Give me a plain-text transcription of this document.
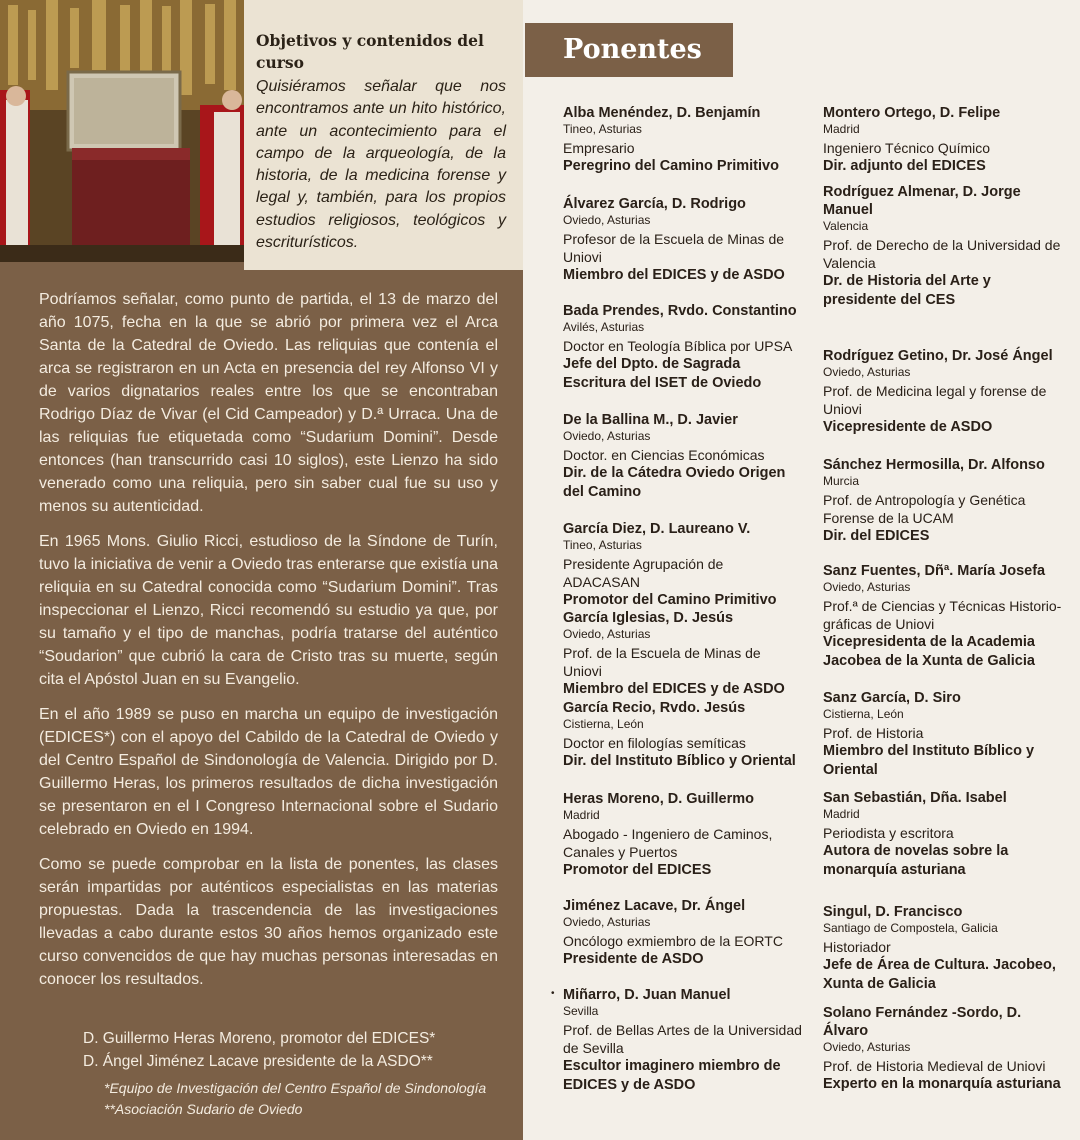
Objetivos y contenidos del curso

Quisiéramos señalar que nos encontramos ante un hito histórico, ante un acontecimiento para el campo de la arqueología, de la historia, de la medicina forense y legal y, también, para los propios estudios religiosos, teológicos y escriturísticos.

Podríamos señalar, como punto de partida, el 13 de marzo del año 1075, fecha en la que se abrió por primera vez el Arca Santa de la Catedral de Oviedo. Las reliquias que contenía el arca se registraron en un Acta en presencia del rey Alfonso VI y de varios dignatarios reales entre los que se encontraban Rodrigo Díaz de Vivar (el Cid Campeador) y D.ª Urraca. Una de las reliquias fue etiquetada como “Sudarium Domini”. Desde entonces (han transcurrido casi 10 siglos), este Lienzo ha sido venerado como una reliquia, pero sin saber cual fue su uso y menos su autenticidad.

En 1965 Mons. Giulio Ricci, estudioso de la Síndone de Turín, tuvo la iniciativa de venir a Oviedo tras enterarse que existía una reliquia en su Catedral conocida como “Sudarium Domini”. Tras inspeccionar el Lienzo, Ricci recomendó su estudio ya que, por su tamaño y el tipo de manchas, podría tratarse del auténtico “Soudarion” que cubrió la cara de Cristo tras su muerte, según cita el Apóstol Juan en su Evangelio.

En el año 1989 se puso en marcha un equipo de investigación (EDICES*) con el apoyo del Cabildo de la Catedral de Oviedo y del Centro Español de Sindonología de Valencia. Dirigido por D. Guillermo Heras, los primeros resultados de dicha investigación se presentaron en el I Congreso Internacional sobre el Sudario celebrado en Oviedo en 1994.

Como se puede comprobar en la lista de ponentes, las clases serán impartidas por auténticos especialistas en las materias propuestas. Dada la trascendencia de las investigaciones llevadas a cabo durante estos 30 años hemos organizado este curso convencidos de que hay muchas personas interesadas en conocer los resultados.

D. Guillermo Heras Moreno, promotor del EDICES*
D. Ángel Jiménez Lacave presidente de la ASDO**
*Equipo de Investigación del Centro Español de Sindonología
**Asociación Sudario de Oviedo
Ponentes
Alba Menéndez, D. Benjamín
Tineo, Asturias
Empresario
Peregrino del Camino Primitivo
Álvarez García, D. Rodrigo
Oviedo, Asturias
Profesor de la Escuela de Minas de Uniovi
Miembro del EDICES y de ASDO
Bada Prendes, Rvdo. Constantino
Avilés, Asturias
Doctor en Teología Bíblica por UPSA
Jefe del Dpto. de Sagrada Escritura del ISET de Oviedo
De la Ballina M., D. Javier
Oviedo, Asturias
Doctor. en Ciencias Económicas
Dir. de la Cátedra Oviedo Origen del Camino
García Diez, D. Laureano V.
Tineo, Asturias
Presidente Agrupación de ADACASAN
Promotor del Camino Primitivo
García Iglesias, D. Jesús
Oviedo, Asturias
Prof. de la Escuela de Minas de Uniovi
Miembro del EDICES y de ASDO
García Recio, Rvdo. Jesús
Cistierna, León
Doctor en filologías semíticas
Dir. del Instituto Bíblico y Oriental
Heras Moreno, D. Guillermo
Madrid
Abogado - Ingeniero de Caminos, Canales y Puertos
Promotor del EDICES
Jiménez Lacave, Dr. Ángel
Oviedo, Asturias
Oncólogo exmiembro de la EORTC
Presidente de ASDO
• Miñarro, D. Juan Manuel
Sevilla
Prof. de Bellas Artes de la Universidad de Sevilla
Escultor imaginero miembro de EDICES y de ASDO
Montero Ortego, D. Felipe
Madrid
Ingeniero Técnico Químico
Dir. adjunto del EDICES
Rodríguez Almenar, D. Jorge Manuel
Valencia
Prof. de Derecho de la Universidad de Valencia
Dr. de Historia del Arte y presidente del CES
Rodríguez Getino, Dr. José Ángel
Oviedo, Asturias
Prof. de Medicina legal y forense de Uniovi
Vicepresidente de ASDO
Sánchez Hermosilla, Dr. Alfonso
Murcia
Prof. de Antropología y Genética Forense de la UCAM
Dir. del EDICES
Sanz Fuentes, Dñª. María Josefa
Oviedo, Asturias
Prof.ª de Ciencias y Técnicas Historio-gráficas de Uniovi
Vicepresidenta de la Academia Jacobea de la Xunta de Galicia
Sanz García, D. Siro
Cistierna, León
Prof. de Historia
Miembro del Instituto Bíblico y Oriental
San Sebastián, Dña. Isabel
Madrid
Periodista y escritora
Autora de novelas sobre la monarquía asturiana
Singul, D. Francisco
Santiago de Compostela, Galicia
Historiador
Jefe de Área de Cultura. Jacobeo, Xunta de Galicia
Solano Fernández -Sordo, D. Álvaro
Oviedo, Asturias
Prof. de Historia Medieval de Uniovi
Experto en la monarquía asturiana
